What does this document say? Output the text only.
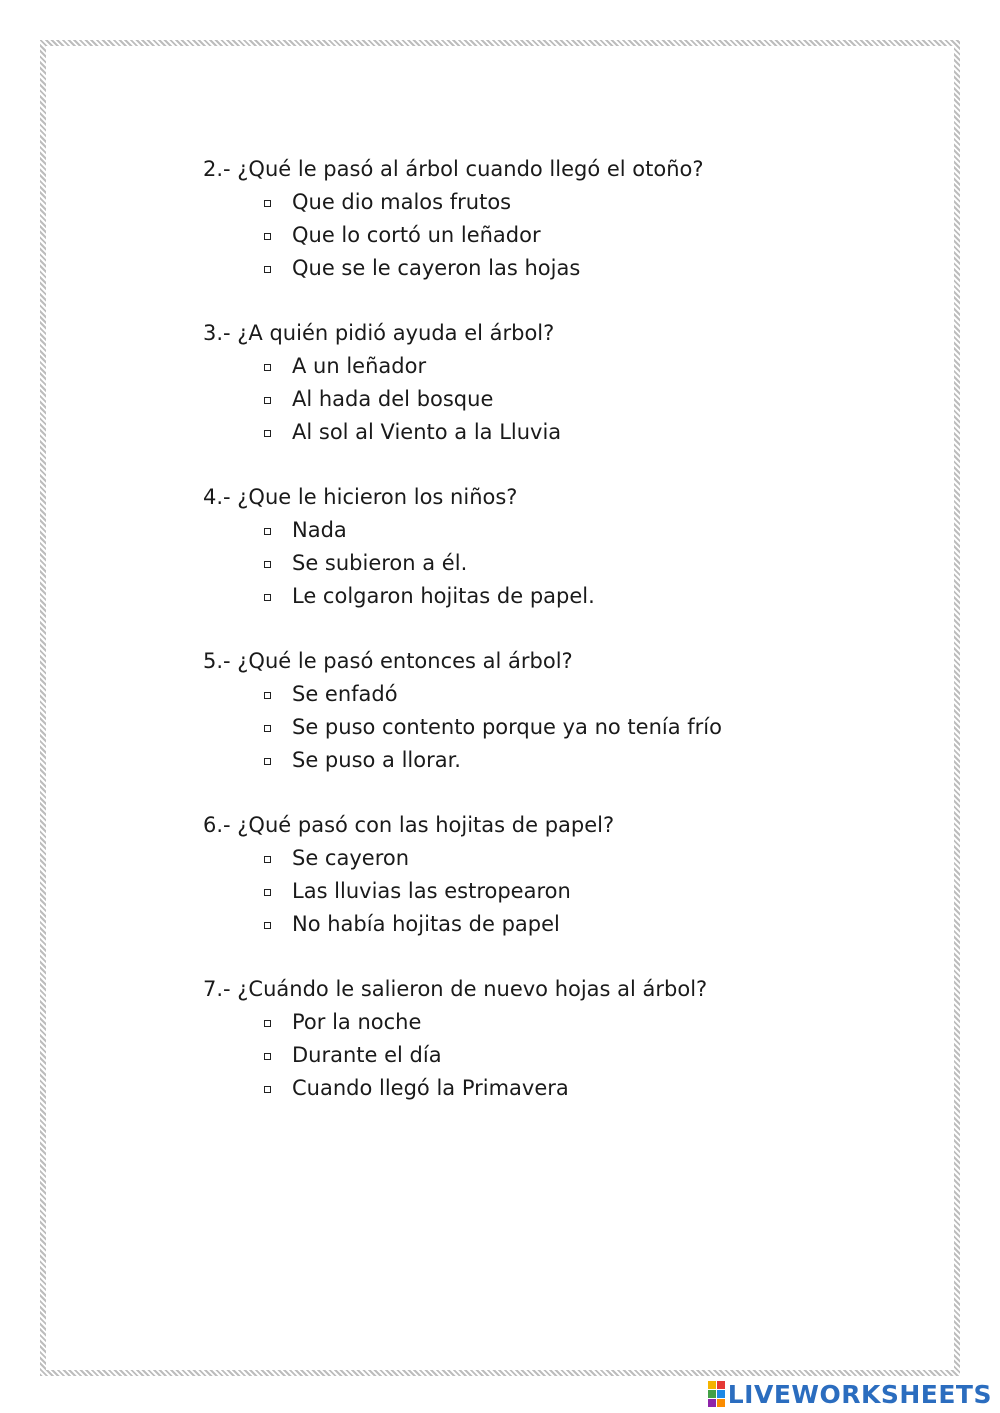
2.- ¿Qué le pasó al árbol cuando llegó el otoño?
Que dio malos frutos
Que lo cortó un leñador
Que se le cayeron las hojas
3.- ¿A quién pidió ayuda el árbol?
A un leñador
Al hada del bosque
Al sol al Viento a la Lluvia
4.- ¿Que le hicieron los niños?
Nada
Se subieron a él.
Le colgaron hojitas de papel.
5.- ¿Qué le pasó entonces al árbol?
Se enfadó
Se puso contento porque ya no tenía frío
Se puso a llorar.
6.- ¿Qué pasó con las hojitas de papel?
Se cayeron
Las lluvias las estropearon
No había hojitas de papel
7.- ¿Cuándo le salieron de nuevo hojas al árbol?
Por la noche
Durante el día
Cuando llegó la Primavera
LIVEWORKSHEETS
